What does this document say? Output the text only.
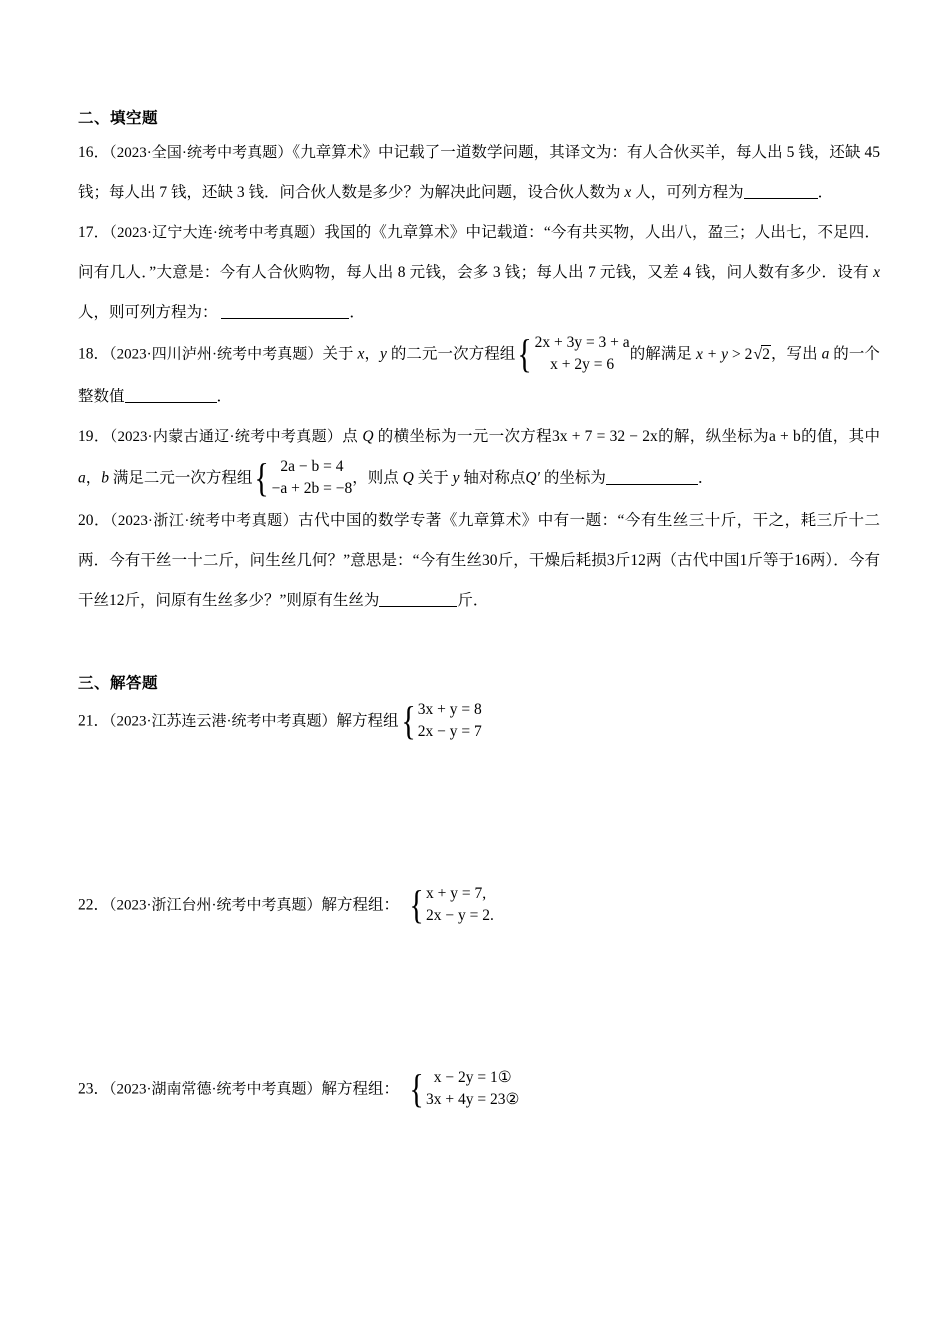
二、填空题
16．（2023·全国·统考中考真题）《九章算术》中记载了一道数学问题，其译文为：有人合伙买羊，每人出 5 钱，还缺 45 钱；每人出 7 钱，还缺 3 钱．问合伙人数是多少？为解决此问题，设合伙人数为 x 人，可列方程为	．
17．（2023·辽宁大连·统考中考真题）我国的《九章算术》中记载道：“今有共买物，人出八，盈三；人出七，不足四．问有几人．”大意是：今有人合伙购物，每人出 8 元钱，会多 3 钱；每人出 7 元钱，又差 4 钱，问人数有多少．设有 x 人，则可列方程为：	．
18．（2023·四川泸州·统考中考真题）关于 x，y 的二元一次方程组 { 2x + 3y = 3 + a
x + 2y = 6
的解满足 x + y > 2√2，写出 a 的一个整数值	．
19．（2023·内蒙古通辽·统考中考真题）点 Q 的横坐标为一元一次方程3x + 7 = 32 − 2x的解，纵坐标为a + b的值，其中 a，b 满足二元一次方程组 { 2a − b = 4
−a + 2b = −8
，则点 Q 关于 y 轴对称点Q′ 的坐标为	．
20．（2023·浙江·统考中考真题）古代中国的数学专著《九章算术》中有一题：“今有生丝三十斤，干之，耗三斤十二两．今有干丝一十二斤，问生丝几何？”意思是：“今有生丝30斤，干燥后耗损3斤12两（古代中国1斤等于16两）．今有干丝12斤，问原有生丝多少？”则原有生丝为	斤．
三、解答题
21．（2023·江苏连云港·统考中考真题）解方程组 { 3x + y = 8
2x − y = 7
22．（2023·浙江台州·统考中考真题）解方程组： { x + y = 7,
2x − y = 2.
23．（2023·湖南常德·统考中考真题）解方程组： { x − 2y = 1①
3x + 4y = 23②
